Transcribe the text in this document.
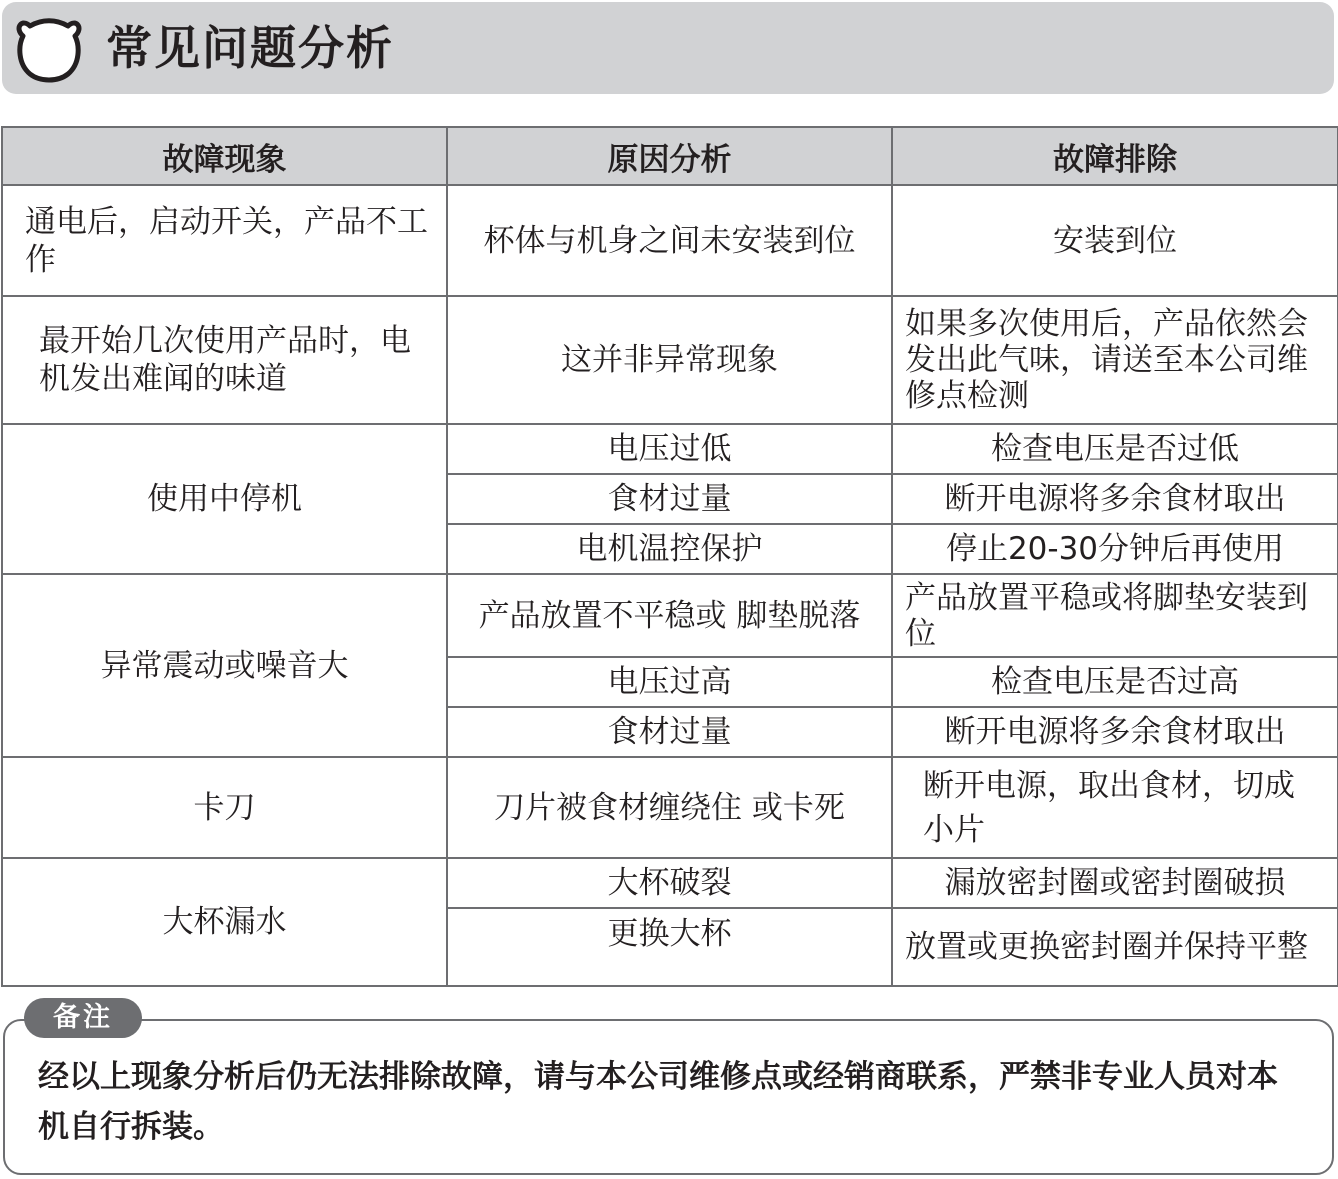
常见问题分析
故障现象	原因分析	故障排除
通电后，启动开关，产品不工作	杯体与机身之间未安装到位	安装到位
最开始几次使用产品时，电机发出难闻的味道	这并非异常现象	如果多次使用后，产品依然会发出此气味，请送至本公司维修点检测
使用中停机	电压过低	检查电压是否过低
	食材过量	断开电源将多余食材取出
	电机温控保护	停止20-30分钟后再使用
异常震动或噪音大	产品放置不平稳或 脚垫脱落	产品放置平稳或将脚垫安装到位
	电压过高	检查电压是否过高
	食材过量	断开电源将多余食材取出
卡刀	刀片被食材缠绕住 或卡死	断开电源，取出食材，切成小片
大杯漏水	大杯破裂	漏放密封圈或密封圈破损
	更换大杯	放置或更换密封圈并保持平整
备注
经以上现象分析后仍无法排除故障，请与本公司维修点或经销商联系，严禁非专业人员对本机自行拆装。
